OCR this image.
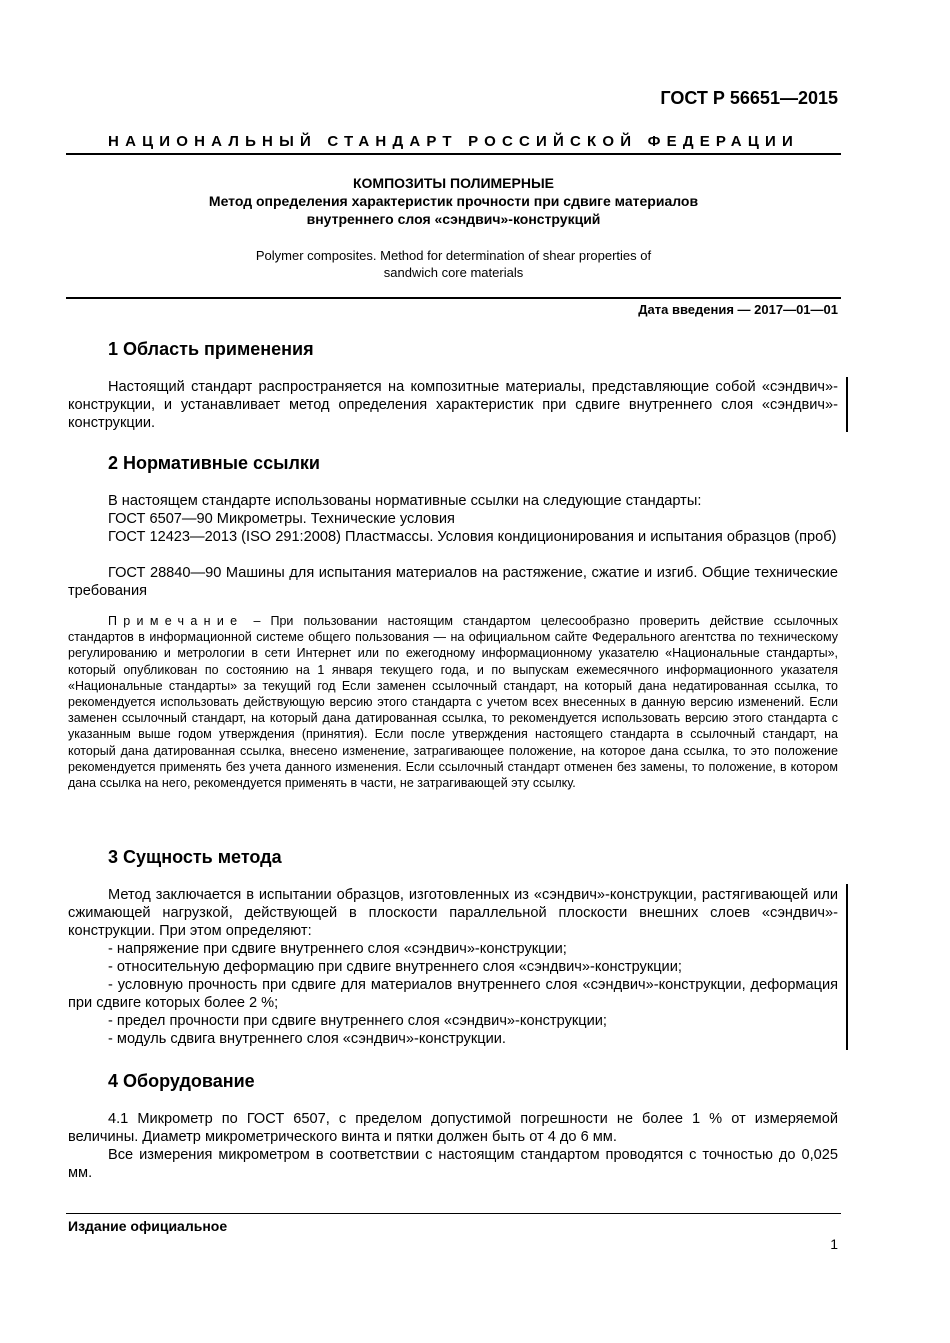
ГОСТ Р 56651—2015
НАЦИОНАЛЬНЫЙ СТАНДАРТ РОССИЙСКОЙ ФЕДЕРАЦИИ
КОМПОЗИТЫ ПОЛИМЕРНЫЕ
Метод определения характеристик прочности при сдвиге материалов
внутреннего слоя «сэндвич»-конструкций
Polymer composites. Method for determination of shear properties of
sandwich core materials
Дата введения — 2017—01—01
1 Область применения
Настоящий стандарт распространяется на композитные материалы, представляющие собой «сэндвич»-конструкции, и устанавливает метод определения характеристик при сдвиге внутреннего слоя «сэндвич»-конструкции.
2 Нормативные ссылки
В настоящем стандарте использованы нормативные ссылки на следующие стандарты:
ГОСТ 6507—90 Микрометры. Технические условия
ГОСТ 12423—2013 (ISO 291:2008) Пластмассы. Условия кондиционирования и испытания образцов (проб)
ГОСТ 28840—90 Машины для испытания материалов на растяжение, сжатие и изгиб. Общие технические требования
Примечание – При пользовании настоящим стандартом целесообразно проверить действие ссылочных стандартов в информационной системе общего пользования — на официальном сайте Федерального агентства по техническому регулированию и метрологии в сети Интернет или по ежегодному информационному указателю «Национальные стандарты», который опубликован по состоянию на 1 января текущего года, и по выпускам ежемесячного информационного указателя «Национальные стандарты» за текущий год Если заменен ссылочный стандарт, на который дана недатированная ссылка, то рекомендуется использовать действующую версию этого стандарта с учетом всех внесенных в данную версию изменений. Если заменен ссылочный стандарт, на который дана датированная ссылка, то рекомендуется использовать версию этого стандарта с указанным выше годом утверждения (принятия). Если после утверждения настоящего стандарта в ссылочный стандарт, на который дана датированная ссылка, внесено изменение, затрагивающее положение, на которое дана ссылка, то это положение рекомендуется применять без учета данного изменения. Если ссылочный стандарт отменен без замены, то положение, в котором дана ссылка на него, рекомендуется применять в части, не затрагивающей эту ссылку.
3 Сущность метода
Метод заключается в испытании образцов, изготовленных из «сэндвич»-конструкции, растягивающей или сжимающей нагрузкой, действующей в плоскости параллельной плоскости внешних слоев «сэндвич»-конструкции. При этом определяют:
- напряжение при сдвиге внутреннего слоя «сэндвич»-конструкции;
- относительную деформацию при сдвиге внутреннего слоя «сэндвич»-конструкции;
- условную прочность при сдвиге для материалов внутреннего слоя «сэндвич»-конструкции, деформация при сдвиге которых более 2 %;
- предел прочности при сдвиге внутреннего слоя «сэндвич»-конструкции;
- модуль сдвига внутреннего слоя «сэндвич»-конструкции.
4 Оборудование
4.1 Микрометр по ГОСТ 6507, с пределом допустимой погрешности не более 1 % от измеряемой величины. Диаметр микрометрического винта и пятки должен быть от 4 до 6 мм.
Все измерения микрометром в соответствии с настоящим стандартом проводятся с точностью до 0,025 мм.
Издание официальное
1
